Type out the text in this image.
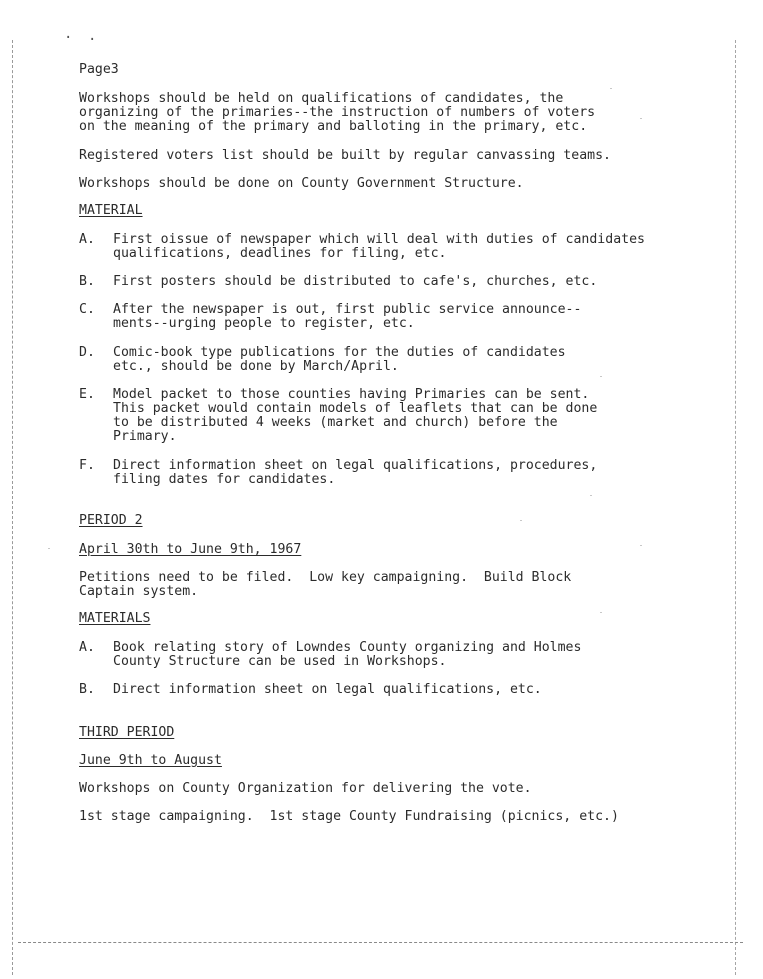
· ·
Page3
Workshops should be held on qualifications of candidates, the
organizing of the primaries--the instruction of numbers of voters
on the meaning of the primary and balloting in the primary, etc.
Registered voters list should be built by regular canvassing teams.
Workshops should be done on County Government Structure.
MATERIAL
A. First oissue of newspaper which will deal with duties of candidates
qualifications, deadlines for filing, etc.
B. First posters should be distributed to cafe's, churches, etc.
C. After the newspaper is out, first public service announce--
ments--urging people to register, etc.
D. Comic-book type publications for the duties of candidates
etc., should be done by March/April.
E. Model packet to those counties having Primaries can be sent.
This packet would contain models of leaflets that can be done
to be distributed 4 weeks (market and church) before the
Primary.
F. Direct information sheet on legal qualifications, procedures,
filing dates for candidates.
PERIOD 2
April 30th to June 9th, 1967
Petitions need to be filed.  Low key campaigning.  Build Block
Captain system.
MATERIALS
A. Book relating story of Lowndes County organizing and Holmes
County Structure can be used in Workshops.
B. Direct information sheet on legal qualifications, etc.
THIRD PERIOD
June 9th to August
Workshops on County Organization for delivering the vote.
1st stage campaigning.  1st stage County Fundraising (picnics, etc.)
